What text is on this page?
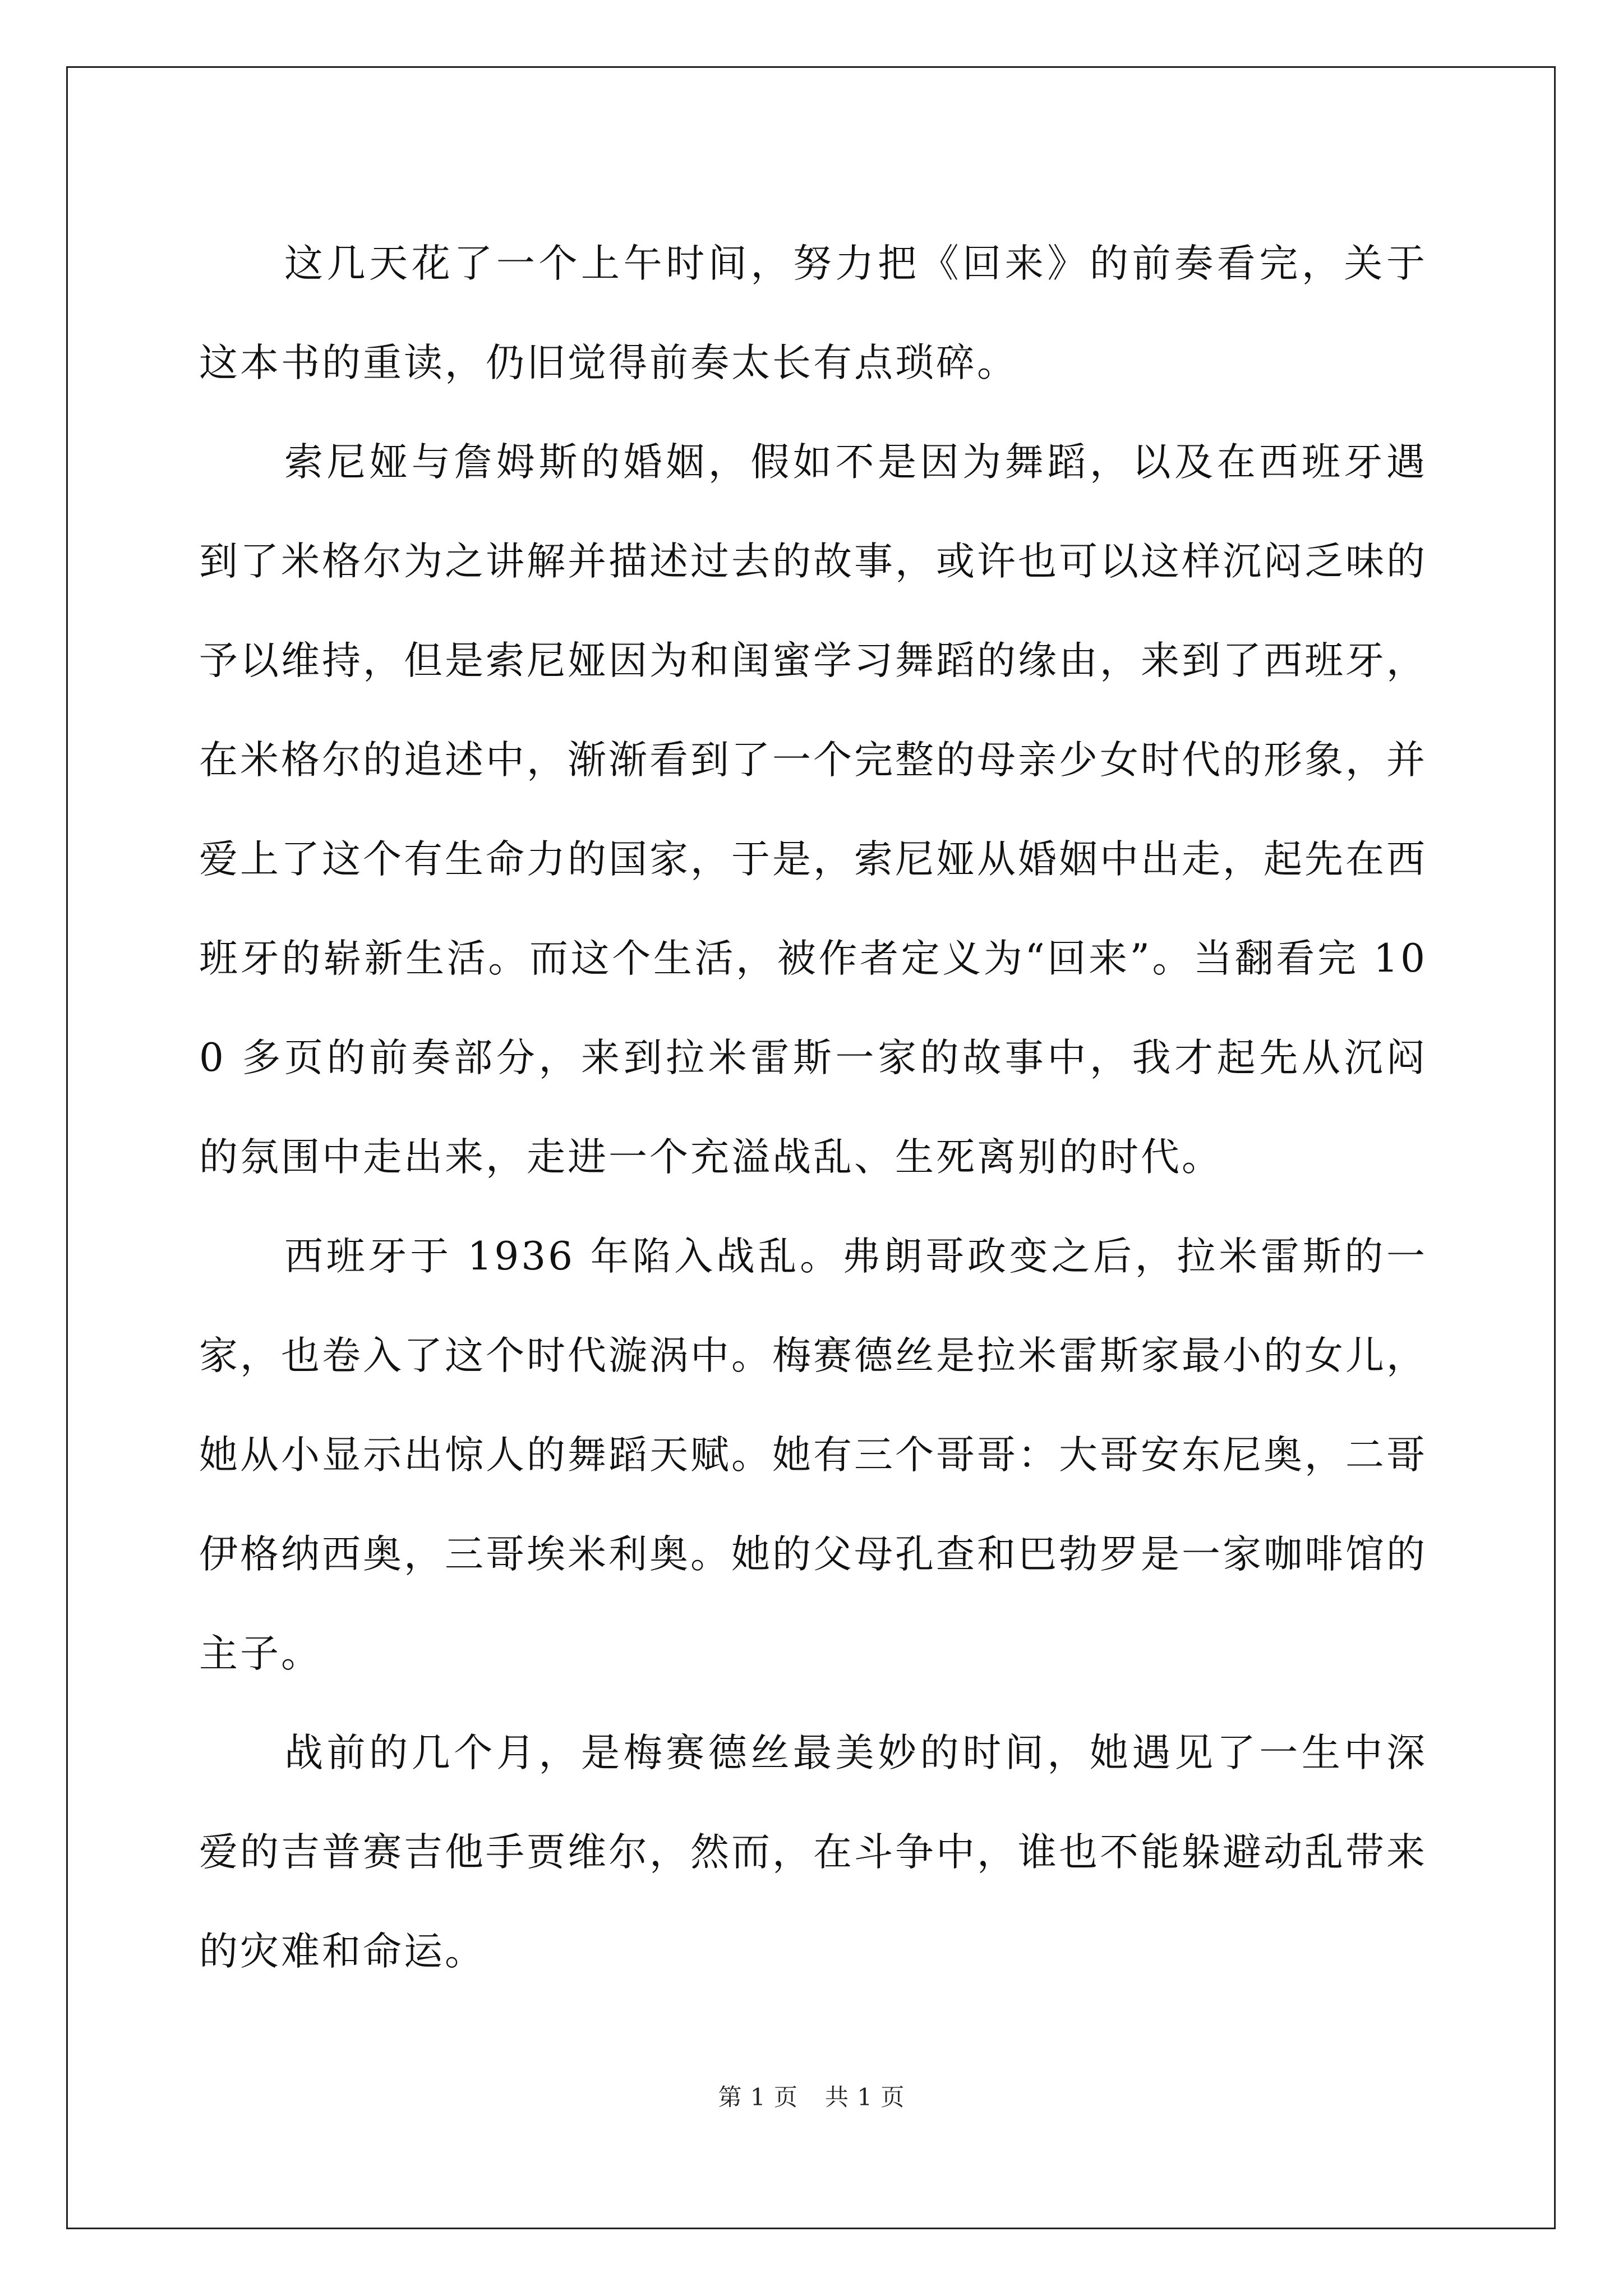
这几天花了一个上午时间，努力把《回来》的前奏看完，关于这本书的重读，仍旧觉得前奏太长有点琐碎。

索尼娅与詹姆斯的婚姻，假如不是因为舞蹈，以及在西班牙遇到了米格尔为之讲解并描述过去的故事，或许也可以这样沉闷乏味的予以维持，但是索尼娅因为和闺蜜学习舞蹈的缘由，来到了西班牙，在米格尔的追述中，渐渐看到了一个完整的母亲少女时代的形象，并爱上了这个有生命力的国家，于是，索尼娅从婚姻中出走，起先在西班牙的崭新生活。而这个生活，被作者定义为“回来”。当翻看完 100 多页的前奏部分，来到拉米雷斯一家的故事中，我才起先从沉闷的氛围中走出来，走进一个充溢战乱、生死离别的时代。

西班牙于 1936 年陷入战乱。弗朗哥政变之后，拉米雷斯的一家，也卷入了这个时代漩涡中。梅赛德丝是拉米雷斯家最小的女儿，她从小显示出惊人的舞蹈天赋。她有三个哥哥：大哥安东尼奥，二哥伊格纳西奥，三哥埃米利奥。她的父母孔查和巴勃罗是一家咖啡馆的主子。

战前的几个月，是梅赛德丝最美妙的时间，她遇见了一生中深爱的吉普赛吉他手贾维尔，然而，在斗争中，谁也不能躲避动乱带来的灾难和命运。

第 1 页 共 1 页
